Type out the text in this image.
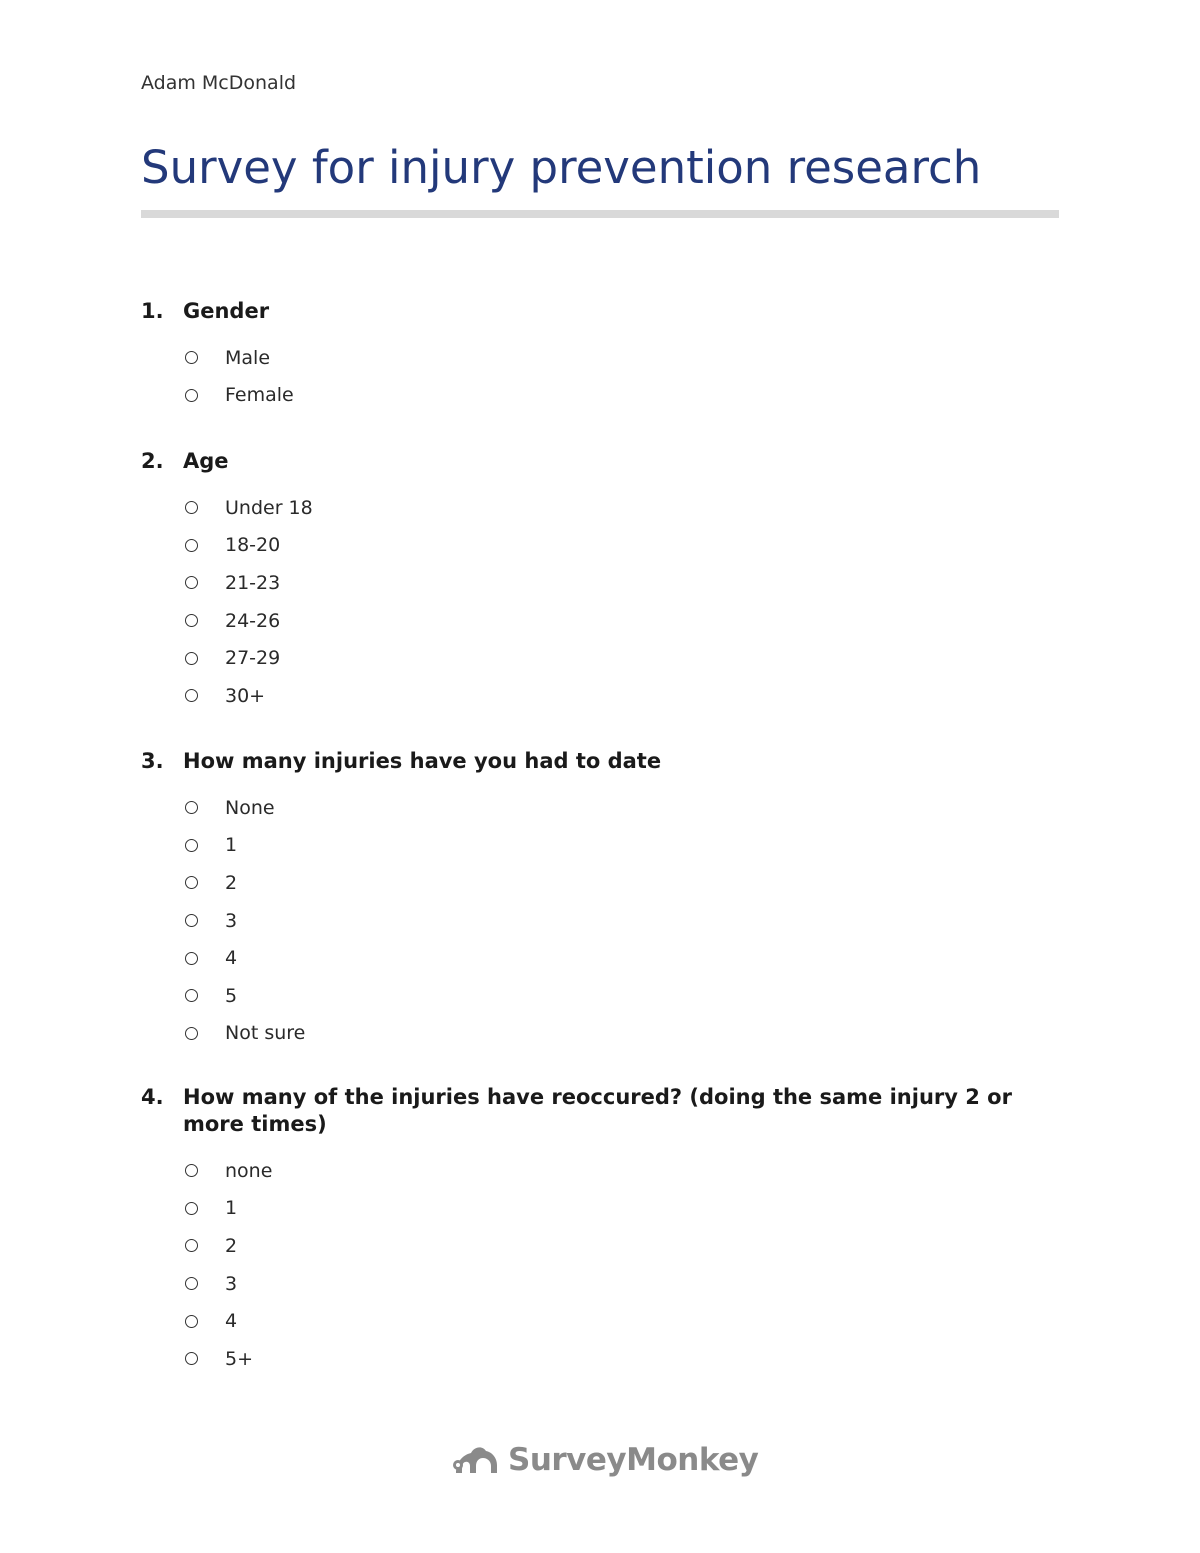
Adam McDonald
Survey for injury prevention research
1. Gender
Male
Female
2. Age
Under 18
18-20
21-23
24-26
27-29
30+
3. How many injuries have you had to date
None
1
2
3
4
5
Not sure
4. How many of the injuries have reoccured? (doing the same injury 2 or more times)
none
1
2
3
4
5+
SurveyMonkey
